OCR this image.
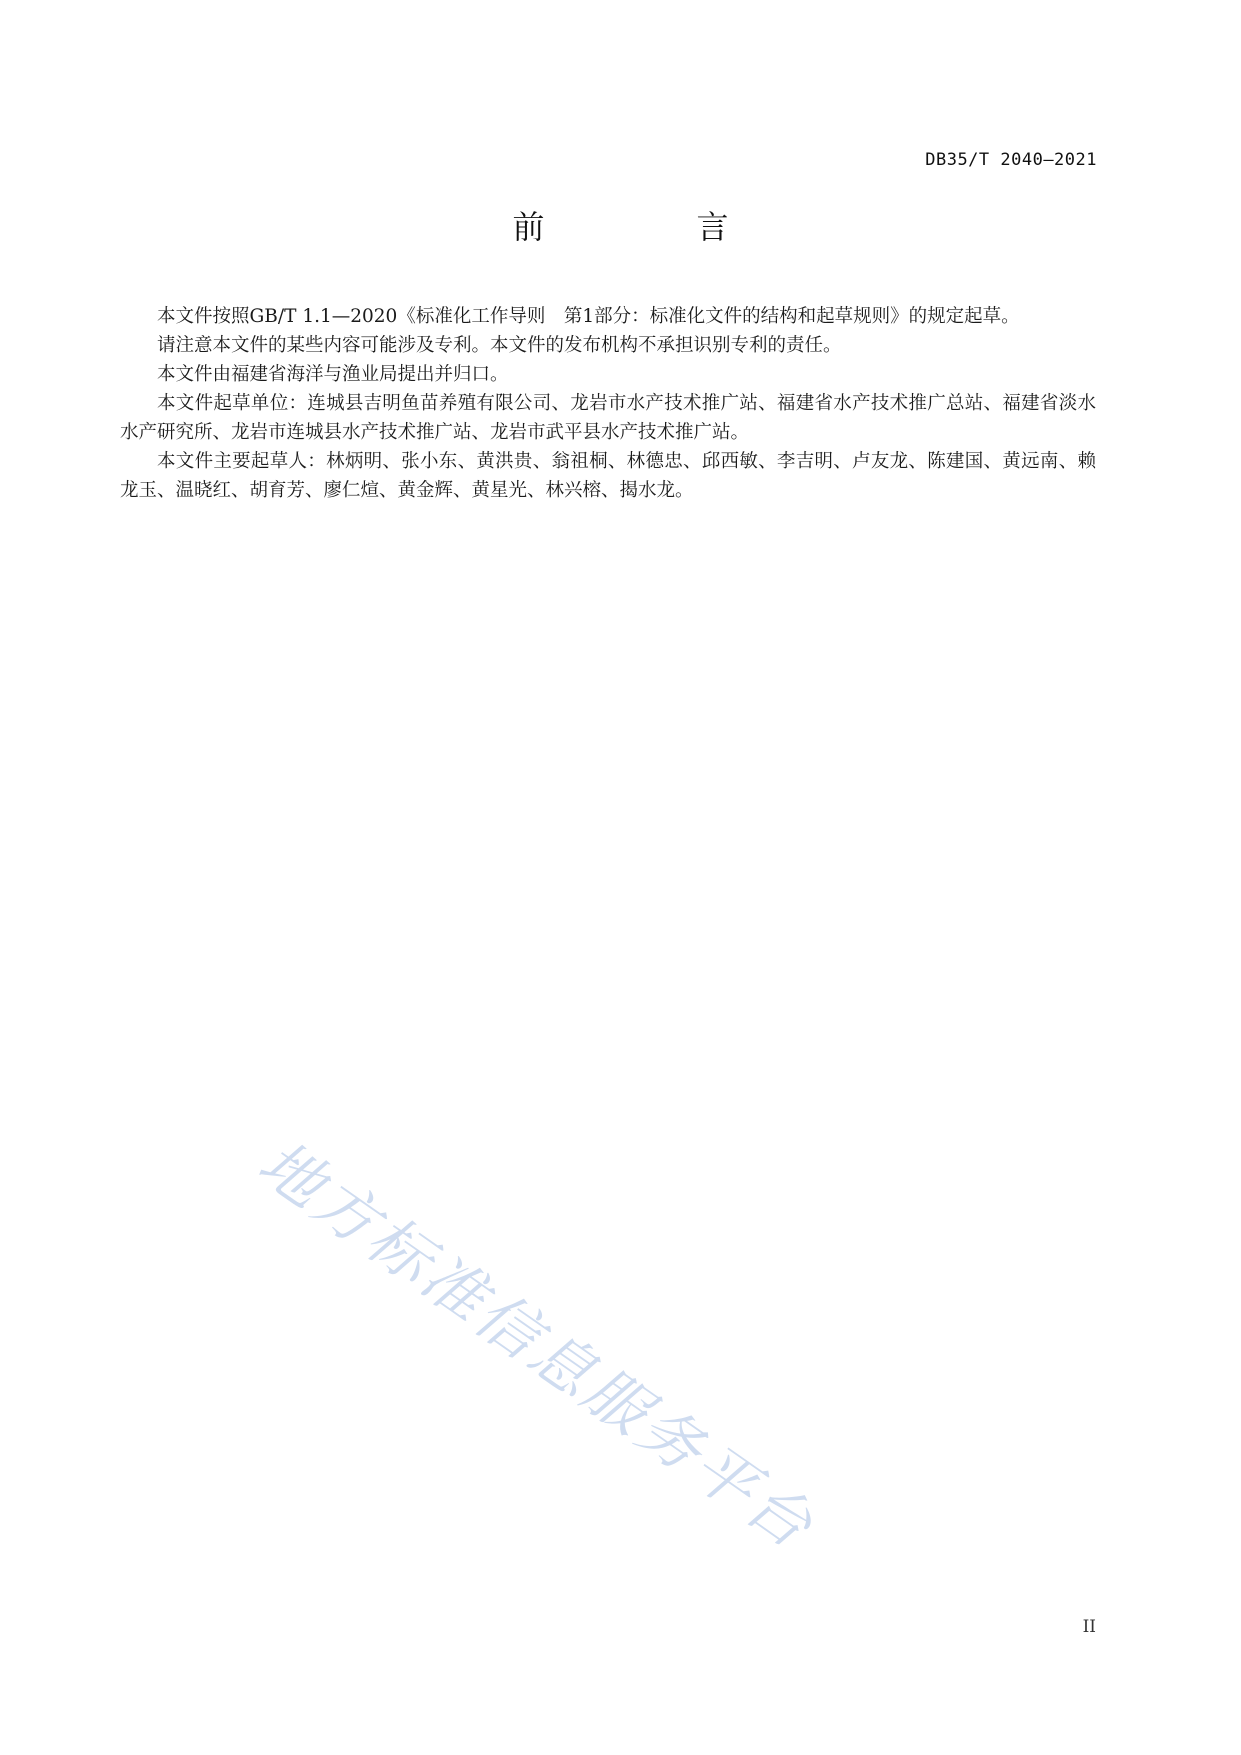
DB35/T 2040—2021
前　言

本文件按照GB/T 1.1—2020《标准化工作导则　第1部分：标准化文件的结构和起草规则》的规定起草。

请注意本文件的某些内容可能涉及专利。本文件的发布机构不承担识别专利的责任。

本文件由福建省海洋与渔业局提出并归口。

本文件起草单位：连城县吉明鱼苗养殖有限公司、龙岩市水产技术推广站、福建省水产技术推广总站、福建省淡水水产研究所、龙岩市连城县水产技术推广站、龙岩市武平县水产技术推广站。

本文件主要起草人：林炳明、张小东、黄洪贵、翁祖桐、林德忠、邱西敏、李吉明、卢友龙、陈建国、黄远南、赖龙玉、温晓红、胡育芳、廖仁煊、黄金辉、黄星光、林兴榕、揭水龙。

地方标准信息服务平台
II
